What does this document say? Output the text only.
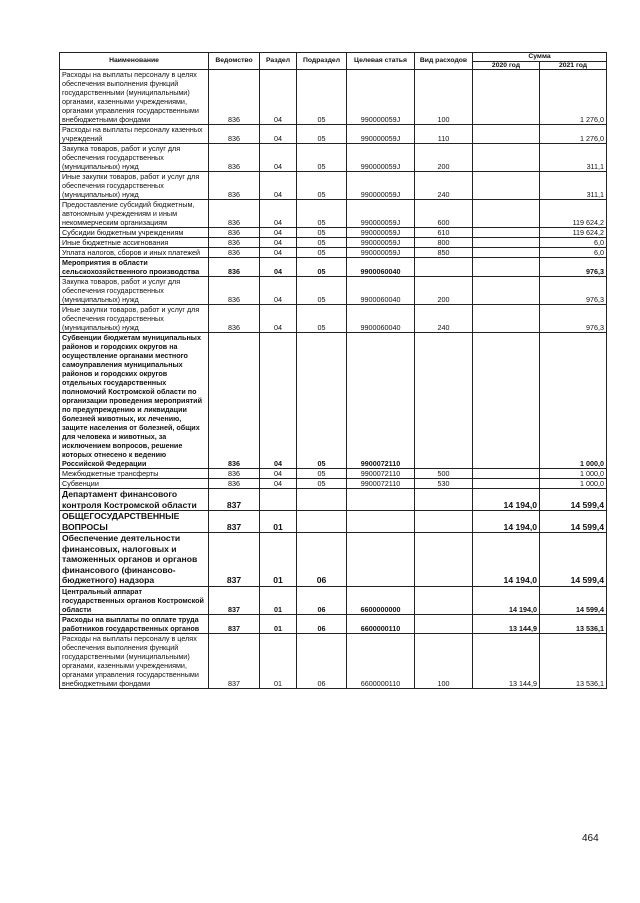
Наименование	Ведомство	Раздел	Подраздел	Целевая статья	Вид расходов	Сумма	
						2020 год	2021 год
Расходы на выплаты персоналу в целях обеспечения выполнения функций государственными (муниципальными) органами, казенными учреждениями, органами управления государственными внебюджетными фондами	836	04	05	990000059J	100		1 276,0
Расходы на выплаты персоналу казенных учреждений	836	04	05	990000059J	110		1 276,0
Закупка товаров, работ и услуг для обеспечения государственных (муниципальных) нужд	836	04	05	990000059J	200		311,1
Иные закупки товаров, работ и услуг для обеспечения государственных (муниципальных) нужд	836	04	05	990000059J	240		311,1
Предоставление субсидий бюджетным, автономным учреждениям и иным некоммерческим организациям	836	04	05	990000059J	600		119 624,2
Субсидии бюджетным учреждениям	836	04	05	990000059J	610		119 624,2
Иные бюджетные ассигнования	836	04	05	990000059J	800		6,0
Уплата налогов, сборов и иных платежей	836	04	05	990000059J	850		6,0
Мероприятия в области сельскохозяйственного производства	836	04	05	9900060040			976,3
Закупка товаров, работ и услуг для обеспечения государственных (муниципальных) нужд	836	04	05	9900060040	200		976,3
Иные закупки товаров, работ и услуг для обеспечения государственных (муниципальных) нужд	836	04	05	9900060040	240		976,3
Субвенции бюджетам муниципальных районов и городских округов на осуществление органами местного самоуправления муниципальных районов и городских округов отдельных государственных полномочий Костромской области по организации проведения мероприятий по предупреждению и ликвидации болезней животных, их лечению, защите населения от болезней, общих для человека и животных, за исключением вопросов, решение которых отнесено к ведению Российской Федерации	836	04	05	9900072110			1 000,0
Межбюджетные трансферты	836	04	05	9900072110	500		1 000,0
Субвенции	836	04	05	9900072110	530		1 000,0
Департамент финансового контроля Костромской области	837					14 194,0	14 599,4
ОБЩЕГОСУДАРСТВЕННЫЕ ВОПРОСЫ	837	01				14 194,0	14 599,4
Обеспечение деятельности финансовых, налоговых и таможенных органов и органов финансового (финансово-бюджетного) надзора	837	01	06			14 194,0	14 599,4
Центральный аппарат государственных органов Костромской области	837	01	06	6600000000		14 194,0	14 599,4
Расходы на выплаты по оплате труда работников государственных органов	837	01	06	6600000110		13 144,9	13 536,1
Расходы на выплаты персоналу в целях обеспечения выполнения функций государственными (муниципальными) органами, казенными учреждениями, органами управления государственными внебюджетными фондами	837	01	06	6600000110	100	13 144,9	13 536,1
464
